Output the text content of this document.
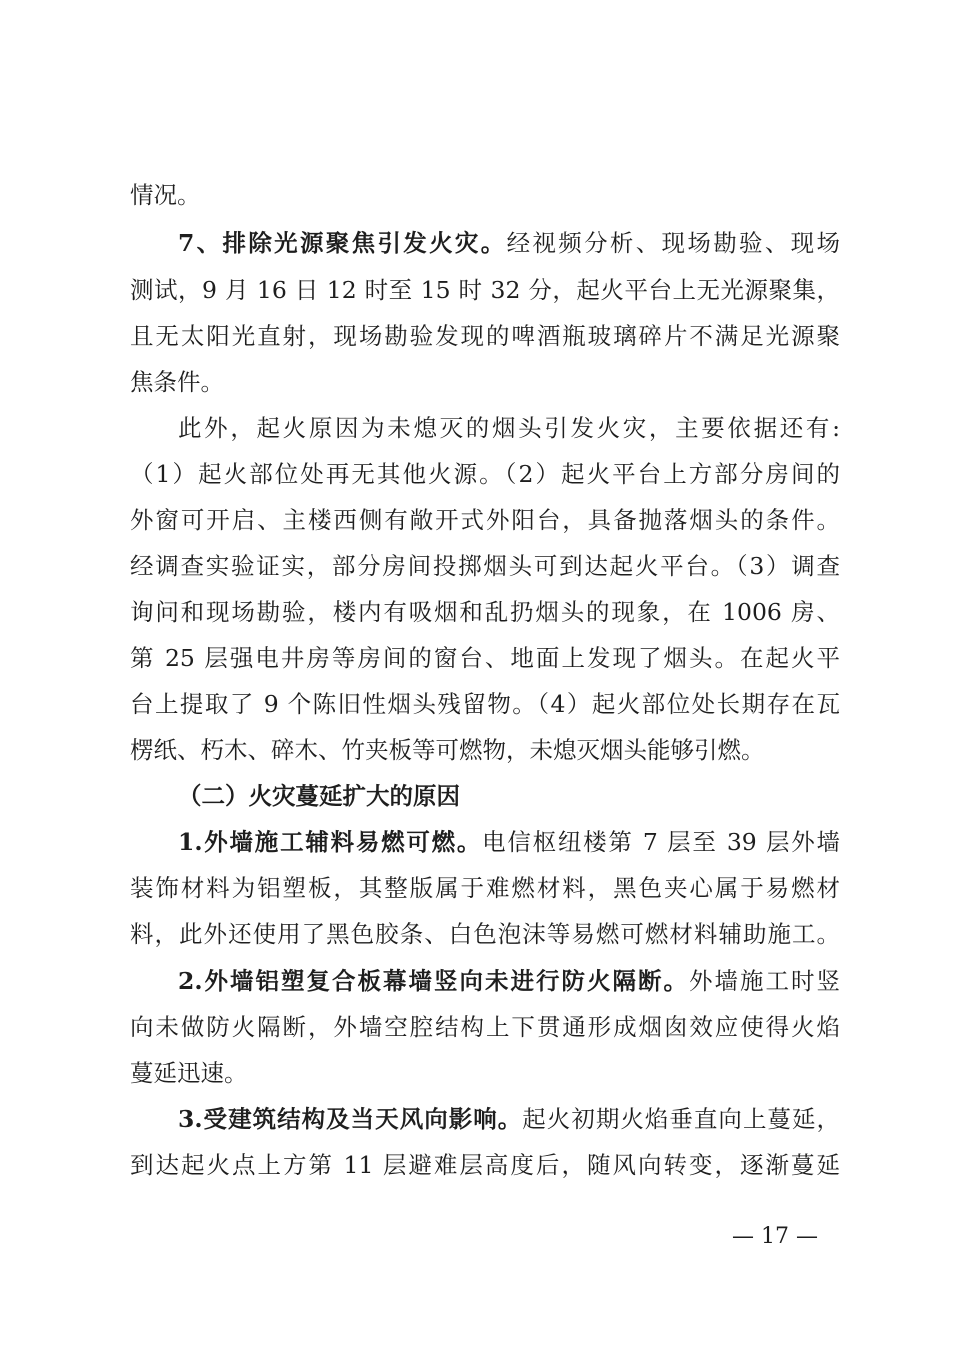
情况。
7、排除光源聚焦引发火灾。经视频分析、现场勘验、现场
测试，9 月 16 日 12 时至 15 时 32 分，起火平台上无光源聚集，
且无太阳光直射，现场勘验发现的啤酒瓶玻璃碎片不满足光源聚
焦条件。
此外，起火原因为未熄灭的烟头引发火灾，主要依据还有:
（1）起火部位处再无其他火源。（2）起火平台上方部分房间的
外窗可开启、主楼西侧有敞开式外阳台，具备抛落烟头的条件。
经调查实验证实，部分房间投掷烟头可到达起火平台。（3）调查
询问和现场勘验，楼内有吸烟和乱扔烟头的现象，在 1006 房、
第 25 层强电井房等房间的窗台、地面上发现了烟头。在起火平
台上提取了 9 个陈旧性烟头残留物。（4）起火部位处长期存在瓦
楞纸、朽木、碎木、竹夹板等可燃物，未熄灭烟头能够引燃。
（二）火灾蔓延扩大的原因
1.外墙施工辅料易燃可燃。电信枢纽楼第 7 层至 39 层外墙
装饰材料为铝塑板，其整版属于难燃材料，黑色夹心属于易燃材
料，此外还使用了黑色胶条、白色泡沫等易燃可燃材料辅助施工。
2.外墙铝塑复合板幕墙竖向未进行防火隔断。外墙施工时竖
向未做防火隔断，外墙空腔结构上下贯通形成烟囱效应使得火焰
蔓延迅速。
3.受建筑结构及当天风向影响。起火初期火焰垂直向上蔓延，
到达起火点上方第 11 层避难层高度后，随风向转变，逐渐蔓延
— 17 —
